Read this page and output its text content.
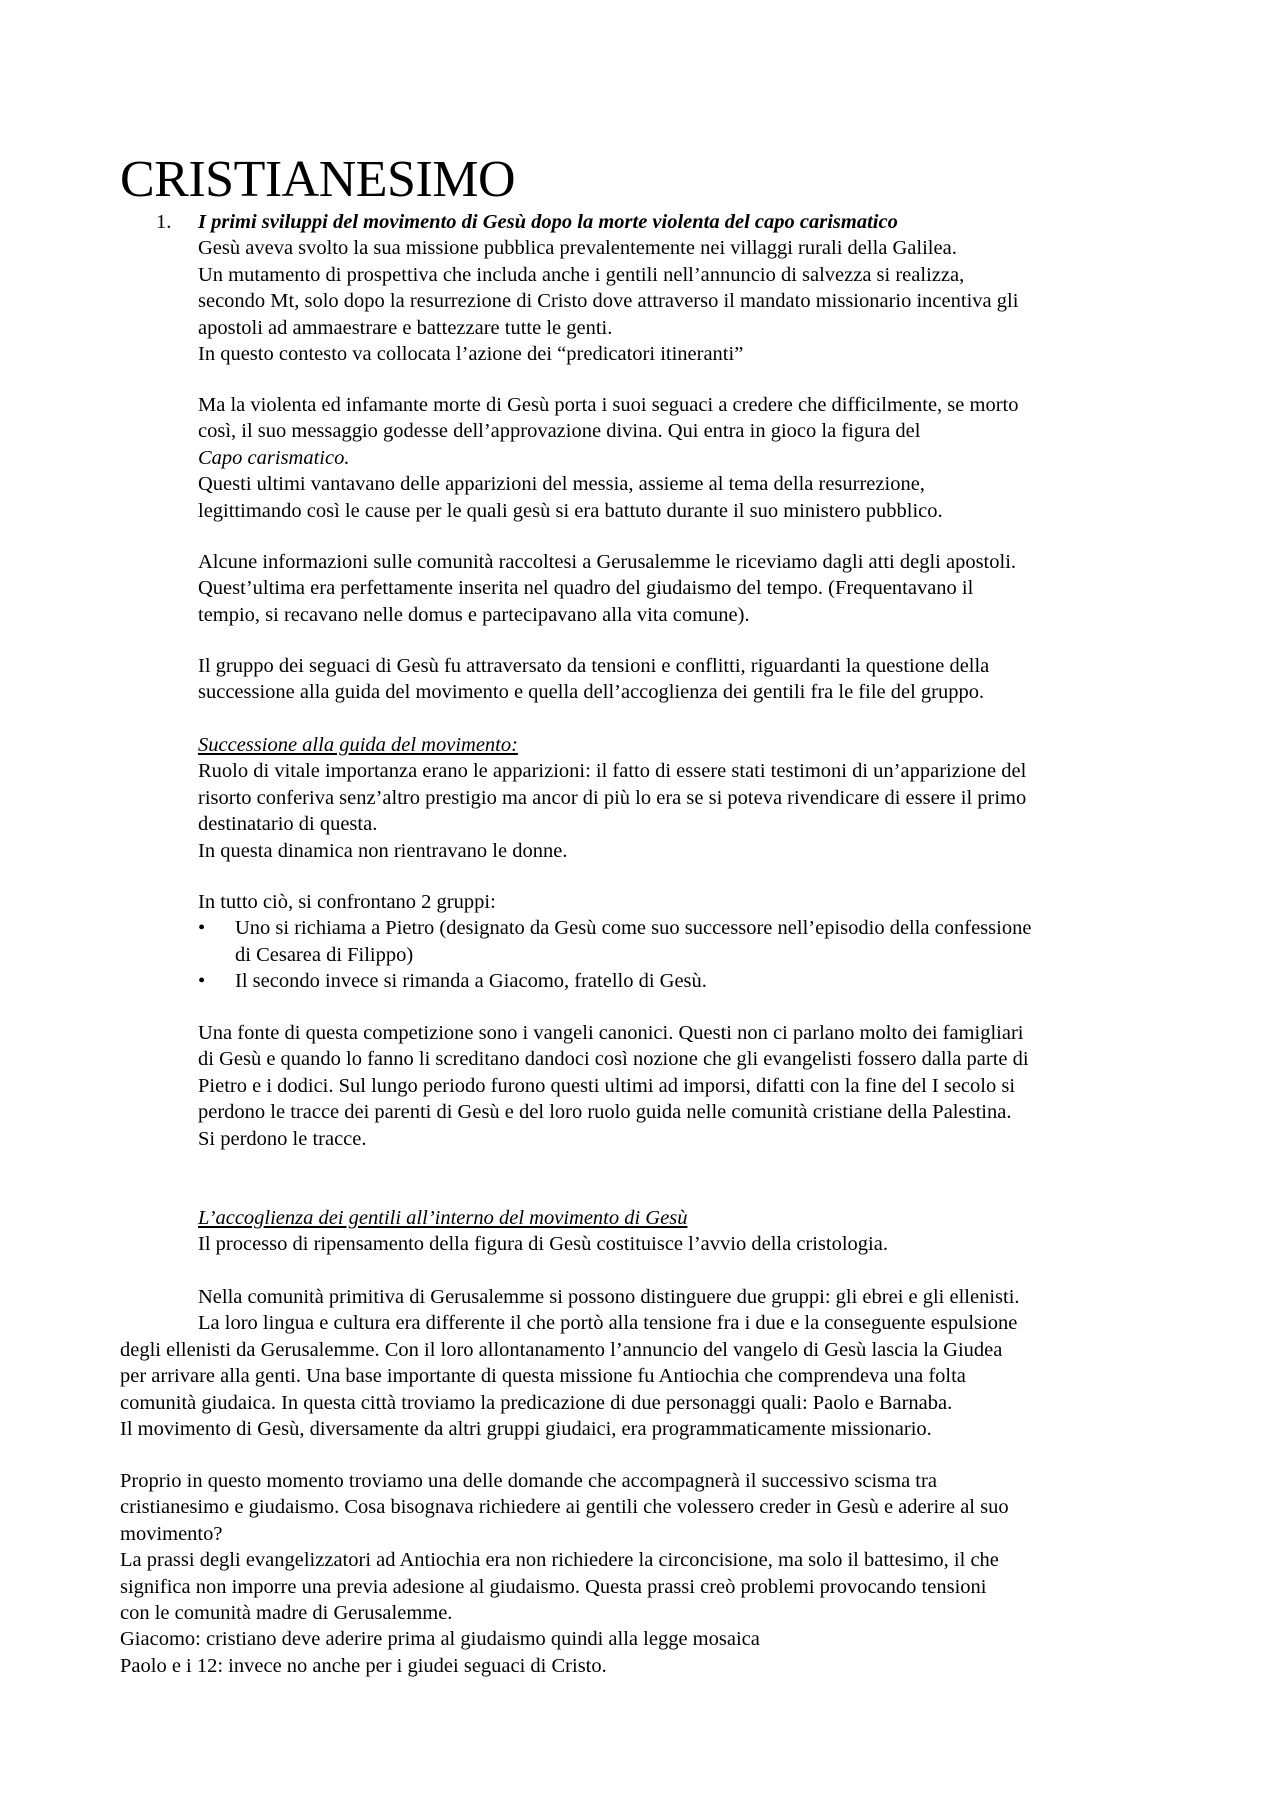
CRISTIANESIMO
1. I primi sviluppi del movimento di Gesù dopo la morte violenta del capo carismatico
Gesù aveva svolto la sua missione pubblica prevalentemente nei villaggi rurali della Galilea.
Un mutamento di prospettiva che includa anche i gentili nell’annuncio di salvezza si realizza,
secondo Mt, solo dopo la resurrezione di Cristo dove attraverso il mandato missionario incentiva gli
apostoli ad ammaestrare e battezzare tutte le genti.
In questo contesto va collocata l’azione dei “predicatori itineranti”
Ma la violenta ed infamante morte di Gesù porta i suoi seguaci a credere che difficilmente, se morto
così, il suo messaggio godesse dell’approvazione divina. Qui entra in gioco la figura del
Capo carismatico.
Questi ultimi vantavano delle apparizioni del messia, assieme al tema della resurrezione,
legittimando così le cause per le quali gesù si era battuto durante il suo ministero pubblico.
Alcune informazioni sulle comunità raccoltesi a Gerusalemme le riceviamo dagli atti degli apostoli.
Quest’ultima era perfettamente inserita nel quadro del giudaismo del tempo. (Frequentavano il
tempio, si recavano nelle domus e partecipavano alla vita comune).
Il gruppo dei seguaci di Gesù fu attraversato da tensioni e conflitti, riguardanti la questione della
successione alla guida del movimento e quella dell’accoglienza dei gentili fra le file del gruppo.
Successione alla guida del movimento:
Ruolo di vitale importanza erano le apparizioni: il fatto di essere stati testimoni di un’apparizione del
risorto conferiva senz’altro prestigio ma ancor di più lo era se si poteva rivendicare di essere il primo
destinatario di questa.
In questa dinamica non rientravano le donne.
In tutto ciò, si confrontano 2 gruppi:
• Uno si richiama a Pietro (designato da Gesù come suo successore nell’episodio della confessione
di Cesarea di Filippo)
• Il secondo invece si rimanda a Giacomo, fratello di Gesù.
Una fonte di questa competizione sono i vangeli canonici. Questi non ci parlano molto dei famigliari
di Gesù e quando lo fanno li screditano dandoci così nozione che gli evangelisti fossero dalla parte di
Pietro e i dodici. Sul lungo periodo furono questi ultimi ad imporsi, difatti con la fine del I secolo si
perdono le tracce dei parenti di Gesù e del loro ruolo guida nelle comunità cristiane della Palestina.
Si perdono le tracce.
L’accoglienza dei gentili all’interno del movimento di Gesù
Il processo di ripensamento della figura di Gesù costituisce l’avvio della cristologia.
Nella comunità primitiva di Gerusalemme si possono distinguere due gruppi: gli ebrei e gli ellenisti.
La loro lingua e cultura era differente il che portò alla tensione fra i due e la conseguente espulsione
degli ellenisti da Gerusalemme. Con il loro allontanamento l’annuncio del vangelo di Gesù lascia la Giudea
per arrivare alla genti. Una base importante di questa missione fu Antiochia che comprendeva una folta
comunità giudaica. In questa città troviamo la predicazione di due personaggi quali: Paolo e Barnaba.
Il movimento di Gesù, diversamente da altri gruppi giudaici, era programmaticamente missionario.
Proprio in questo momento troviamo una delle domande che accompagnerà il successivo scisma tra
cristianesimo e giudaismo. Cosa bisognava richiedere ai gentili che volessero creder in Gesù e aderire al suo
movimento?
La prassi degli evangelizzatori ad Antiochia era non richiedere la circoncisione, ma solo il battesimo, il che
significa non imporre una previa adesione al giudaismo. Questa prassi creò problemi provocando tensioni
con le comunità madre di Gerusalemme.
Giacomo: cristiano deve aderire prima al giudaismo quindi alla legge mosaica
Paolo e i 12: invece no anche per i giudei seguaci di Cristo.
